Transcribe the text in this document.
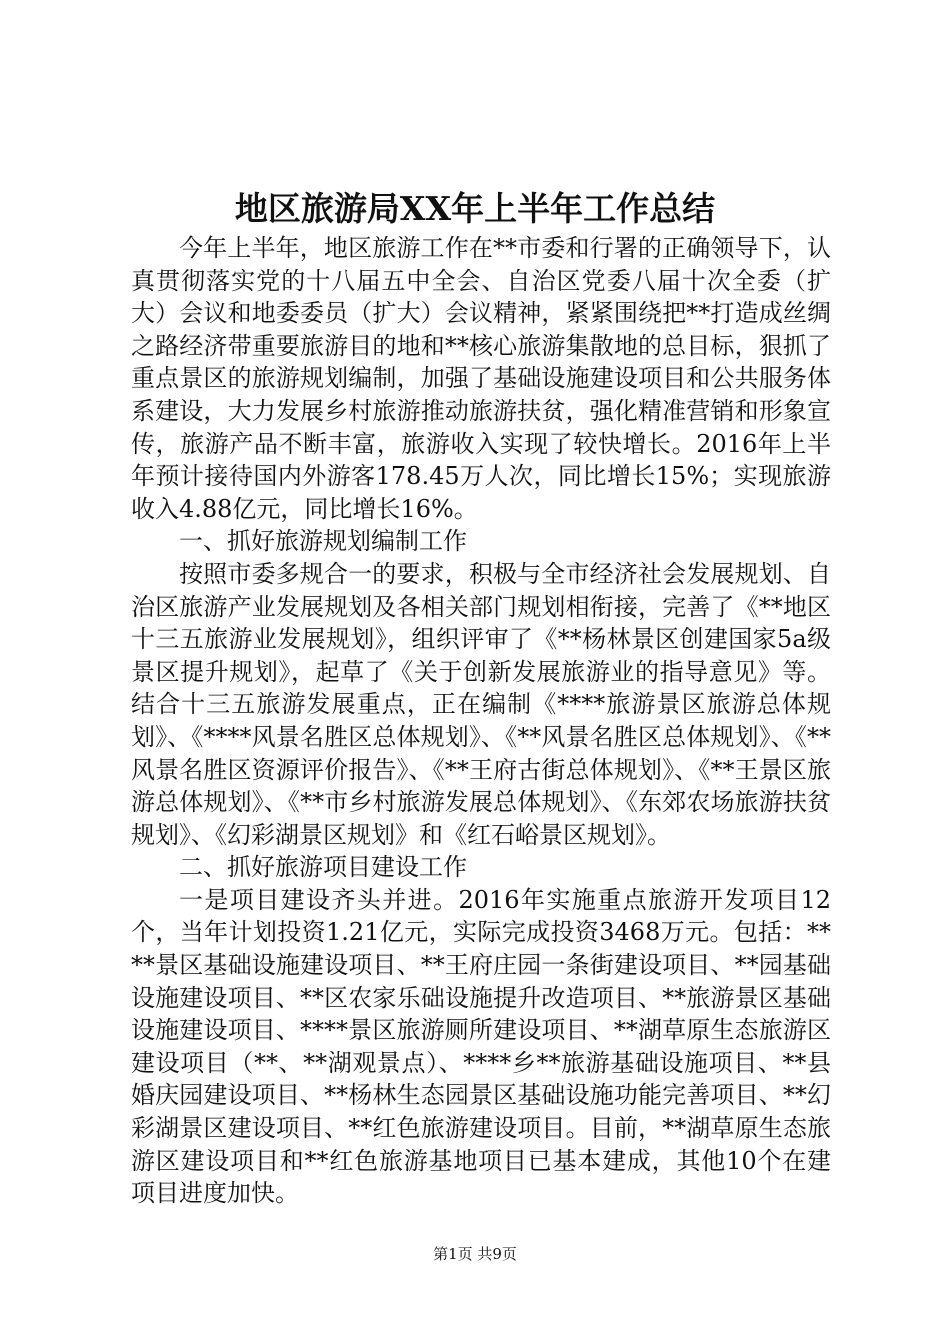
地区旅游局XX年上半年工作总结

今年上半年，地区旅游工作在**市委和行署的正确领导下，认真贯彻落实党的十八届五中全会、自治区党委八届十次全委（扩大）会议和地委委员（扩大）会议精神，紧紧围绕把**打造成丝绸之路经济带重要旅游目的地和**核心旅游集散地的总目标，狠抓了重点景区的旅游规划编制，加强了基础设施建设项目和公共服务体系建设，大力发展乡村旅游推动旅游扶贫，强化精准营销和形象宣传，旅游产品不断丰富，旅游收入实现了较快增长。2016年上半年预计接待国内外游客178.45万人次，同比增长15%；实现旅游收入4.88亿元，同比增长16%。

一、抓好旅游规划编制工作

按照市委多规合一的要求，积极与全市经济社会发展规划、自治区旅游产业发展规划及各相关部门规划相衔接，完善了《**地区十三五旅游业发展规划》，组织评审了《**杨林景区创建国家5a级景区提升规划》，起草了《关于创新发展旅游业的指导意见》等。结合十三五旅游发展重点，正在编制《****旅游景区旅游总体规划》、《****风景名胜区总体规划》、《**风景名胜区总体规划》、《**风景名胜区资源评价报告》、《**王府古街总体规划》、《**王景区旅游总体规划》、《**市乡村旅游发展总体规划》、《东郊农场旅游扶贫规划》、《幻彩湖景区规划》和《红石峪景区规划》。

二、抓好旅游项目建设工作

一是项目建设齐头并进。2016年实施重点旅游开发项目12个，当年计划投资1.21亿元，实际完成投资3468万元。包括：****景区基础设施建设项目、**王府庄园一条街建设项目、**园基础设施建设项目、**区农家乐础设施提升改造项目、**旅游景区基础设施建设项目、****景区旅游厕所建设项目、**湖草原生态旅游区建设项目（**、**湖观景点）、****乡**旅游基础设施项目、**县婚庆园建设项目、**杨林生态园景区基础设施功能完善项目、**幻彩湖景区建设项目、**红色旅游建设项目。目前，**湖草原生态旅游区建设项目和**红色旅游基地项目已基本建成，其他10个在建项目进度加快。

第1页 共9页
